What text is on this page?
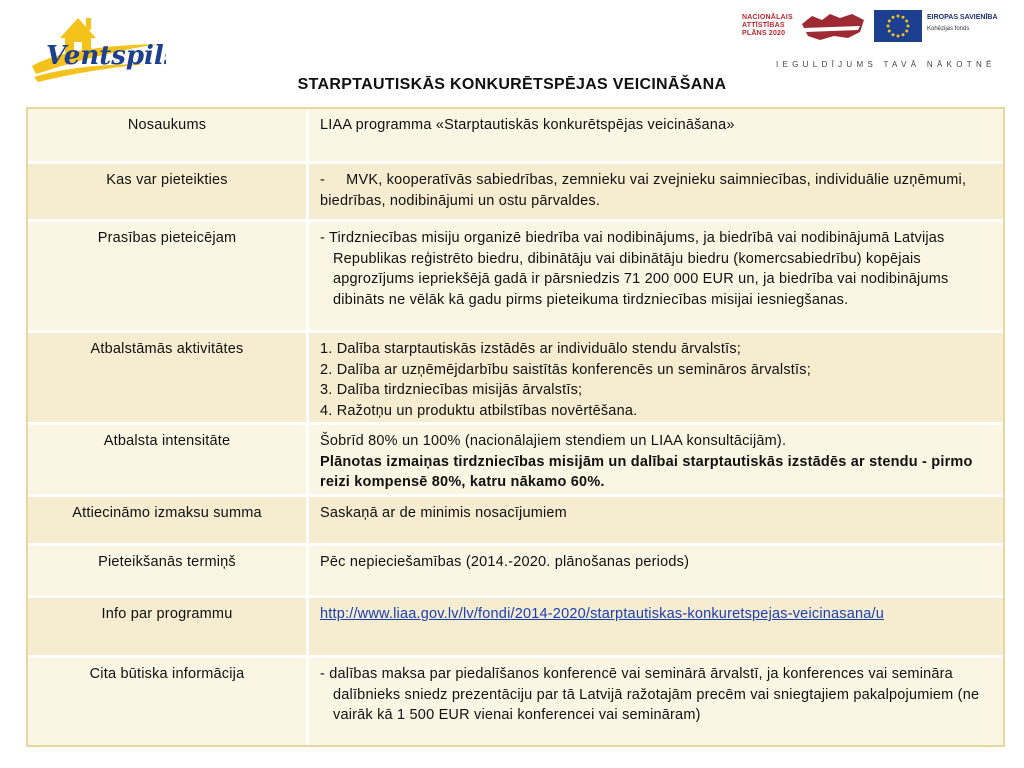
Ventspils
NACIONĀLAIS
ATTĪSTĪBAS
PLĀNS 2020
EIROPAS SAVIENĪBA
Kohēzijas fonds
IEGULDĪJUMS TAVĀ NĀKOTNĒ
STARPTAUTISKĀS KONKURĒTSPĒJAS VEICINĀŠANA
Nosaukums	LIAA programma «Starptautiskās konkurētspējas veicināšana»
Kas var pieteikties	-     MVK, kooperatīvās sabiedrības, zemnieku vai zvejnieku saimniecības, individuālie uzņēmumi, biedrības, nodibinājumi un ostu pārvaldes.
Prasības pieteicējam	- Tirdzniecības misiju organizē biedrība vai nodibinājums, ja biedrībā vai nodibinājumā Latvijas Republikas reģistrēto biedru, dibinātāju vai dibinātāju biedru (komercsabiedrību) kopējais apgrozījums iepriekšējā gadā ir pārsniedzis 71 200 000 EUR un, ja biedrība vai nodibinājums dibināts ne vēlāk kā gadu pirms pieteikuma tirdzniecības misijai iesniegšanas.

Atbalstāmās aktivitātes	1. Dalība starptautiskās izstādēs ar individuālo stendu ārvalstīs;
2. Dalība ar uzņēmējdarbību saistītās konferencēs un semināros ārvalstīs;
3. Dalība tirdzniecības misijās ārvalstīs;
4. Ražotņu un produktu atbilstības novērtēšana.

Atbalsta intensitāte	Šobrīd 80% un 100% (nacionālajiem stendiem un LIAA konsultācijām).
Plānotas izmaiņas tirdzniecības misijām un dalībai starptautiskās izstādēs ar stendu - pirmo reizi kompensē 80%, katru nākamo 60%.

Attiecināmo izmaksu summa	Saskaņā ar de minimis nosacījumiem
Pieteikšanās termiņš	Pēc nepieciešamības (2014.-2020. plānošanas periods)
Info par programmu	http://www.liaa.gov.lv/lv/fondi/2014-2020/starptautiskas-konkuretspejas-veicinasana/u
Cita būtiska informācija	- dalības maksa par piedalīšanos konferencē vai seminārā ārvalstī, ja konferences vai semināra dalībnieks sniedz prezentāciju par tā Latvijā ražotajām precēm vai sniegtajiem pakalpojumiem (ne vairāk kā 1 500 EUR vienai konferencei vai semināram)
